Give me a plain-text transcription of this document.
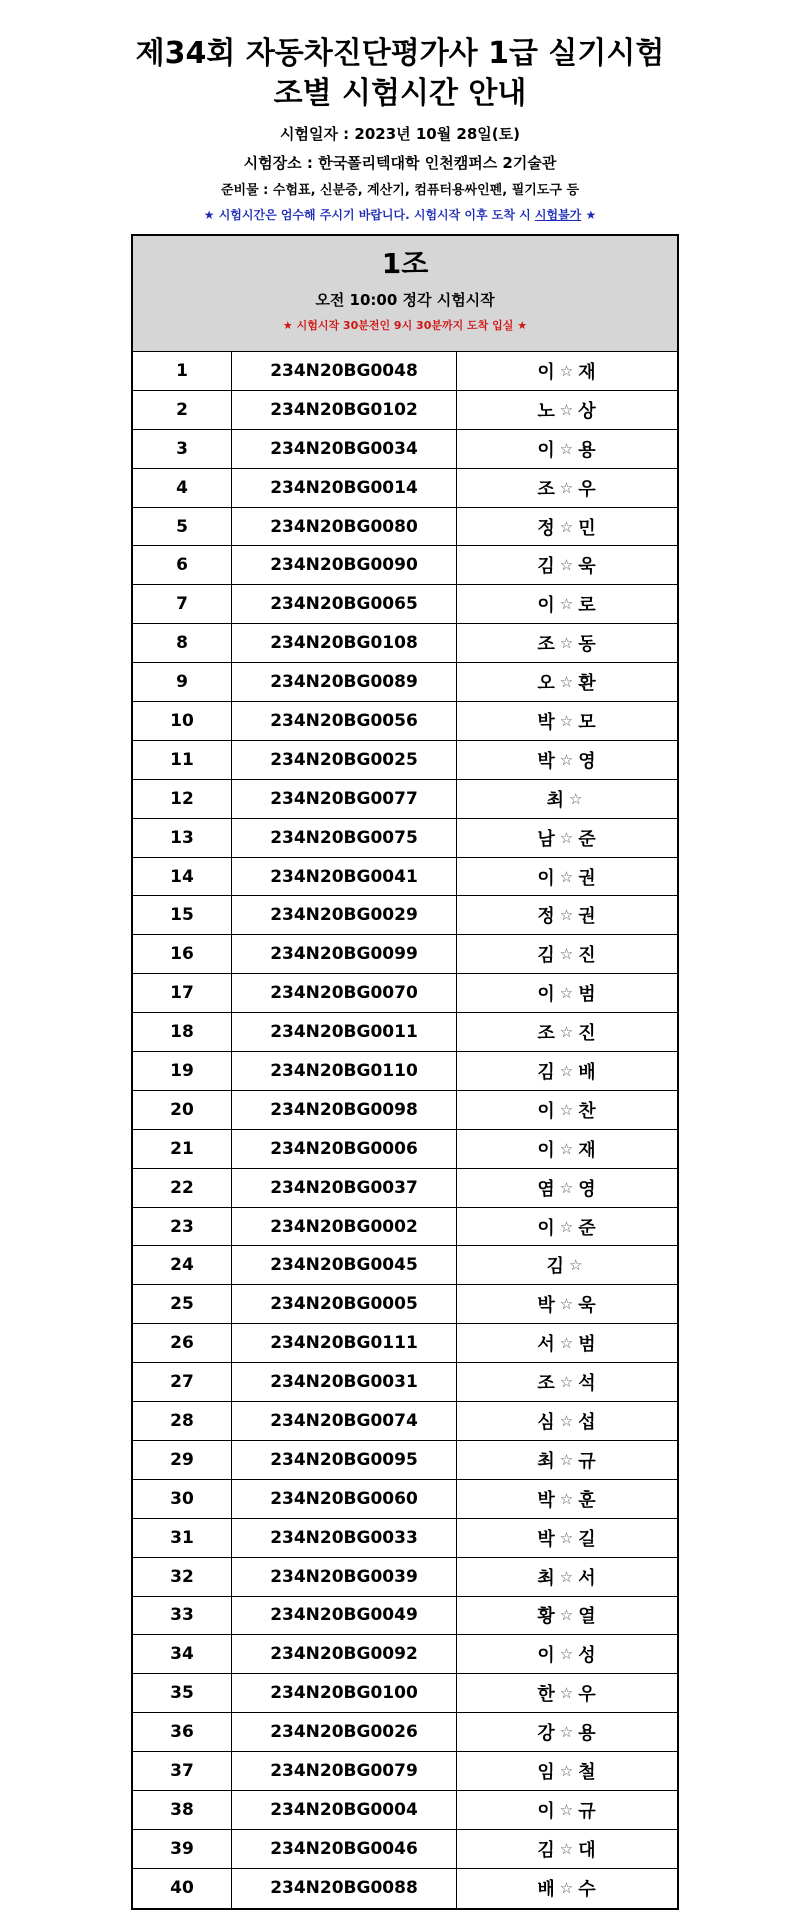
제34회 자동차진단평가사 1급 실기시험
조별 시험시간 안내
시험일자 : 2023년 10월 28일(토)
시험장소 : 한국폴리텍대학 인천캠퍼스 2기술관
준비물 : 수험표, 신분증, 계산기, 컴퓨터용싸인펜, 필기도구 등
★ 시험시간은 엄수해 주시기 바랍니다. 시험시작 이후 도착 시 시험불가 ★
1조
오전 10:00 정각 시험시작
★ 시험시작 30분전인 9시 30분까지 도착 입실 ★
1	234N20BG0048	이 ☆ 재
2	234N20BG0102	노 ☆ 상
3	234N20BG0034	이 ☆ 용
4	234N20BG0014	조 ☆ 우
5	234N20BG0080	정 ☆ 민
6	234N20BG0090	김 ☆ 욱
7	234N20BG0065	이 ☆ 로
8	234N20BG0108	조 ☆ 동
9	234N20BG0089	오 ☆ 환
10	234N20BG0056	박 ☆ 모
11	234N20BG0025	박 ☆ 영
12	234N20BG0077	최 ☆
13	234N20BG0075	남 ☆ 준
14	234N20BG0041	이 ☆ 권
15	234N20BG0029	정 ☆ 권
16	234N20BG0099	김 ☆ 진
17	234N20BG0070	이 ☆ 범
18	234N20BG0011	조 ☆ 진
19	234N20BG0110	김 ☆ 배
20	234N20BG0098	이 ☆ 찬
21	234N20BG0006	이 ☆ 재
22	234N20BG0037	염 ☆ 영
23	234N20BG0002	이 ☆ 준
24	234N20BG0045	김 ☆
25	234N20BG0005	박 ☆ 욱
26	234N20BG0111	서 ☆ 범
27	234N20BG0031	조 ☆ 석
28	234N20BG0074	심 ☆ 섭
29	234N20BG0095	최 ☆ 규
30	234N20BG0060	박 ☆ 훈
31	234N20BG0033	박 ☆ 길
32	234N20BG0039	최 ☆ 서
33	234N20BG0049	황 ☆ 열
34	234N20BG0092	이 ☆ 성
35	234N20BG0100	한 ☆ 우
36	234N20BG0026	강 ☆ 용
37	234N20BG0079	임 ☆ 철
38	234N20BG0004	이 ☆ 규
39	234N20BG0046	김 ☆ 대
40	234N20BG0088	배 ☆ 수
